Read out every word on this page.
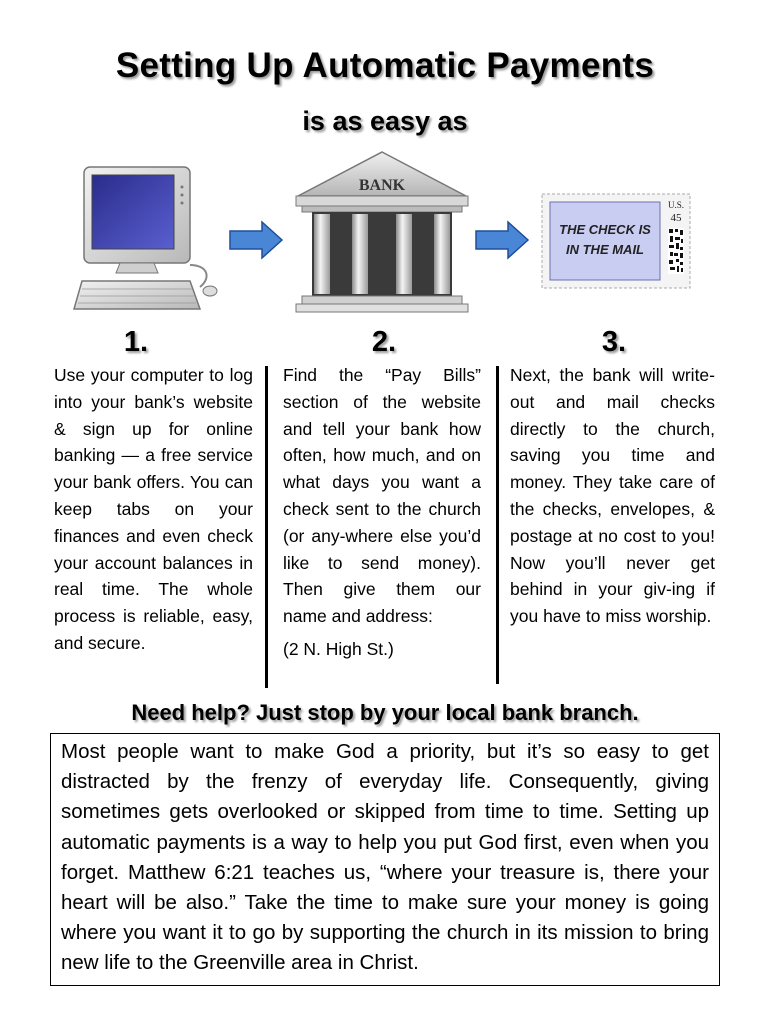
Setting Up Automatic Payments
is as easy as
BANK
THE CHECK IS
IN THE MAIL
U.S.
45
1.	2.	3.
Use your computer to log into your bank’s website & sign up for online banking — a free service your bank offers. You can keep tabs on your finances and even check your account balances in real time. The whole process is reliable, easy, and secure.
Find the “Pay Bills” section of the website and tell your bank how often, how much, and on what days you want a check sent to the church (or any-where else you’d like to send money). Then give them our name and address:
(2 N. High St.)
Next, the bank will write-out and mail checks directly to the church, saving you time and money. They take care of the checks, envelopes, & postage at no cost to you! Now you’ll never get behind in your giv-ing if you have to miss worship.
Need help? Just stop by your local bank branch.
Most people want to make God a priority, but it’s so easy to get distracted by the frenzy of everyday life. Consequently, giving sometimes gets overlooked or skipped from time to time. Setting up automatic payments is a way to help you put God first, even when you forget. Matthew 6:21 teaches us, “where your treasure is, there your heart will be also.” Take the time to make sure your money is going where you want it to go by supporting the church in its mission to bring new life to the Greenville area in Christ.
